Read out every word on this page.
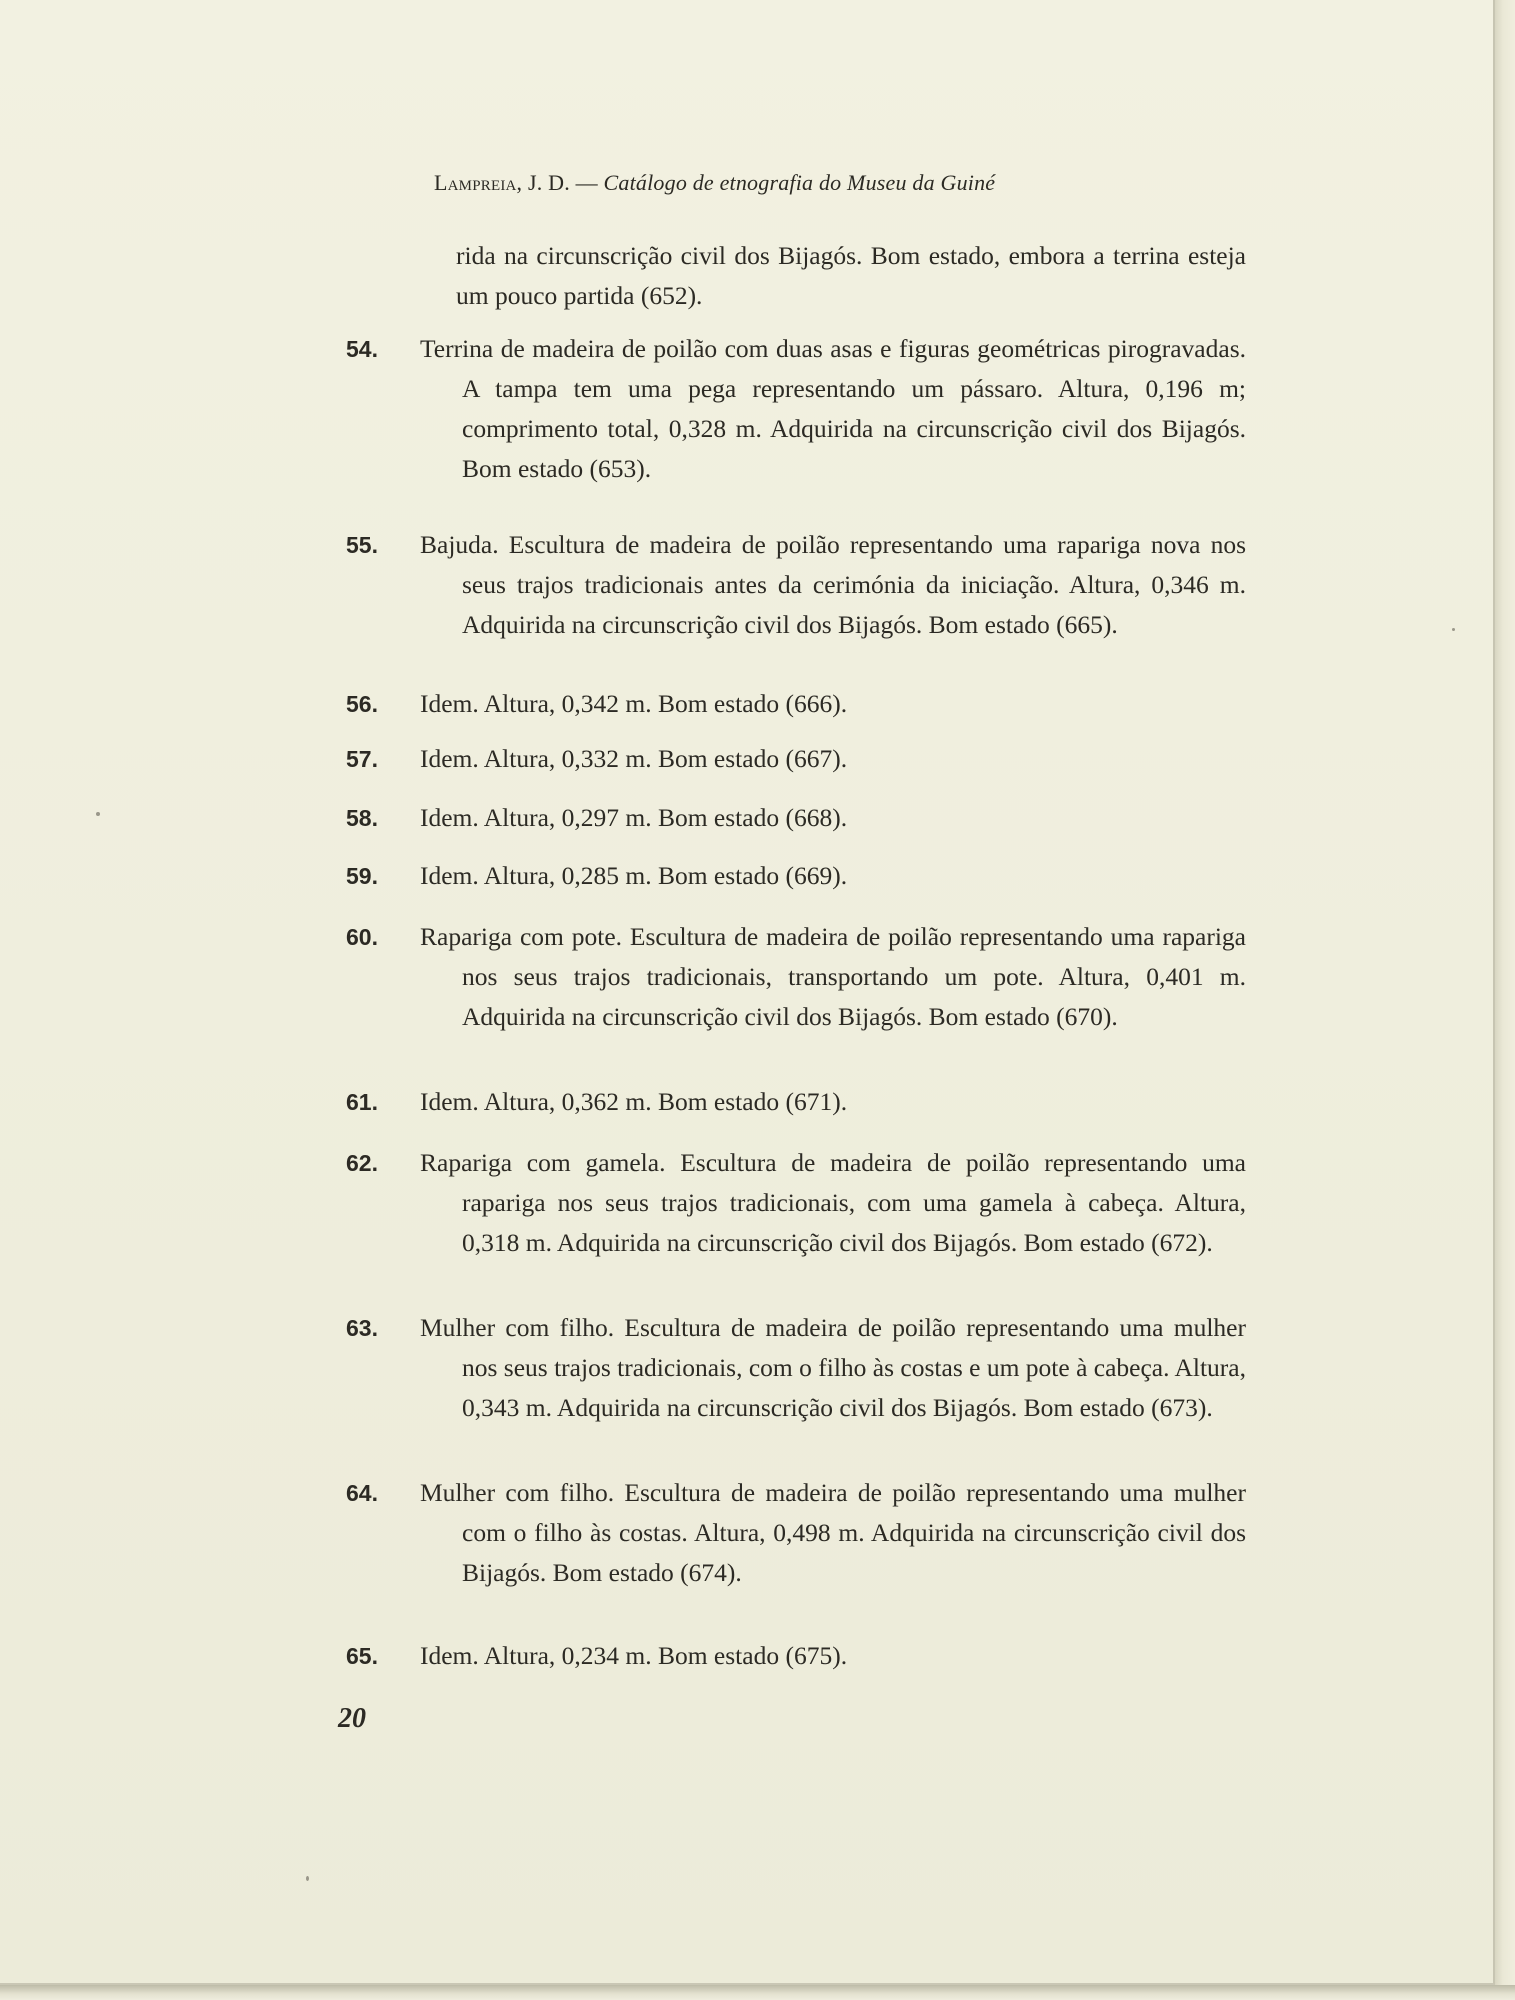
Lampreia, J. D. — Catálogo de etnografia do Museu da Guiné
rida na circunscrição civil dos Bijagós. Bom estado, embora a terrina esteja um pouco partida (652).
54. Terrina de madeira de poilão com duas asas e figuras geométricas pirogravadas. A tampa tem uma pega representando um pássaro. Altura, 0,196 m; comprimento total, 0,328 m. Adquirida na circunscrição civil dos Bijagós. Bom estado (653).
55. Bajuda. Escultura de madeira de poilão representando uma rapariga nova nos seus trajos tradicionais antes da cerimónia da iniciação. Altura, 0,346 m. Adquirida na circunscrição civil dos Bijagós. Bom estado (665).
56. Idem. Altura, 0,342 m. Bom estado (666).
57. Idem. Altura, 0,332 m. Bom estado (667).
58. Idem. Altura, 0,297 m. Bom estado (668).
59. Idem. Altura, 0,285 m. Bom estado (669).
60. Rapariga com pote. Escultura de madeira de poilão representando uma rapariga nos seus trajos tradicionais, transportando um pote. Altura, 0,401 m. Adquirida na circunscrição civil dos Bijagós. Bom estado (670).
61. Idem. Altura, 0,362 m. Bom estado (671).
62. Rapariga com gamela. Escultura de madeira de poilão representando uma rapariga nos seus trajos tradicionais, com uma gamela à cabeça. Altura, 0,318 m. Adquirida na circunscrição civil dos Bijagós. Bom estado (672).
63. Mulher com filho. Escultura de madeira de poilão representando uma mulher nos seus trajos tradicionais, com o filho às costas e um pote à cabeça. Altura, 0,343 m. Adquirida na circunscrição civil dos Bijagós. Bom estado (673).
64. Mulher com filho. Escultura de madeira de poilão representando uma mulher com o filho às costas. Altura, 0,498 m. Adquirida na circunscrição civil dos Bijagós. Bom estado (674).
65. Idem. Altura, 0,234 m. Bom estado (675).
20
